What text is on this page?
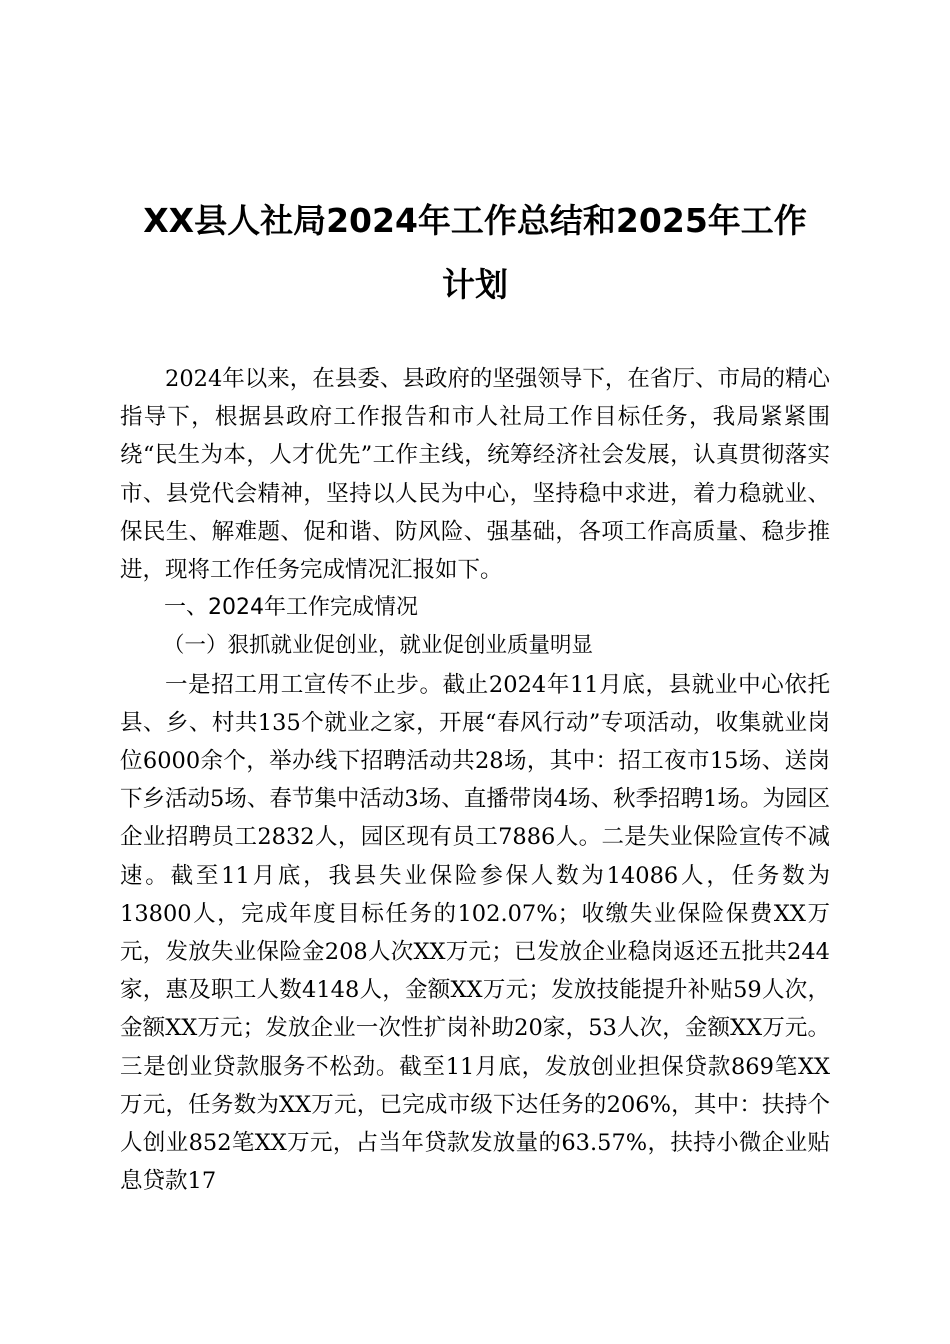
XX县人社局2024年工作总结和2025年工作
计划

2024年以来，在县委、县政府的坚强领导下，在省厅、市局的精心指导下，根据县政府工作报告和市人社局工作目标任务，我局紧紧围绕“民生为本，人才优先”工作主线，统筹经济社会发展，认真贯彻落实市、县党代会精神，坚持以人民为中心，坚持稳中求进，着力稳就业、保民生、解难题、促和谐、防风险、强基础，各项工作高质量、稳步推进，现将工作任务完成情况汇报如下。

一、2024年工作完成情况

（一）狠抓就业促创业，就业促创业质量明显

一是招工用工宣传不止步。截止2024年11月底，县就业中心依托县、乡、村共135个就业之家，开展“春风行动”专项活动，收集就业岗位6000余个，举办线下招聘活动共28场，其中：招工夜市15场、送岗下乡活动5场、春节集中活动3场、直播带岗4场、秋季招聘1场。为园区企业招聘员工2832人，园区现有员工7886人。二是失业保险宣传不减速。截至11月底，我县失业保险参保人数为14086人，任务数为13800人，完成年度目标任务的102.07%；收缴失业保险保费XX万元，发放失业保险金208人次XX万元；已发放企业稳岗返还五批共244家，惠及职工人数4148人，金额XX万元；发放技能提升补贴59人次，金额XX万元；发放企业一次性扩岗补助20家，53人次，金额XX万元。三是创业贷款服务不松劲。截至11月底，发放创业担保贷款869笔XX万元，任务数为XX万元，已完成市级下达任务的206%，其中：扶持个人创业852笔XX万元，占当年贷款发放量的63.57%，扶持小微企业贴息贷款17
